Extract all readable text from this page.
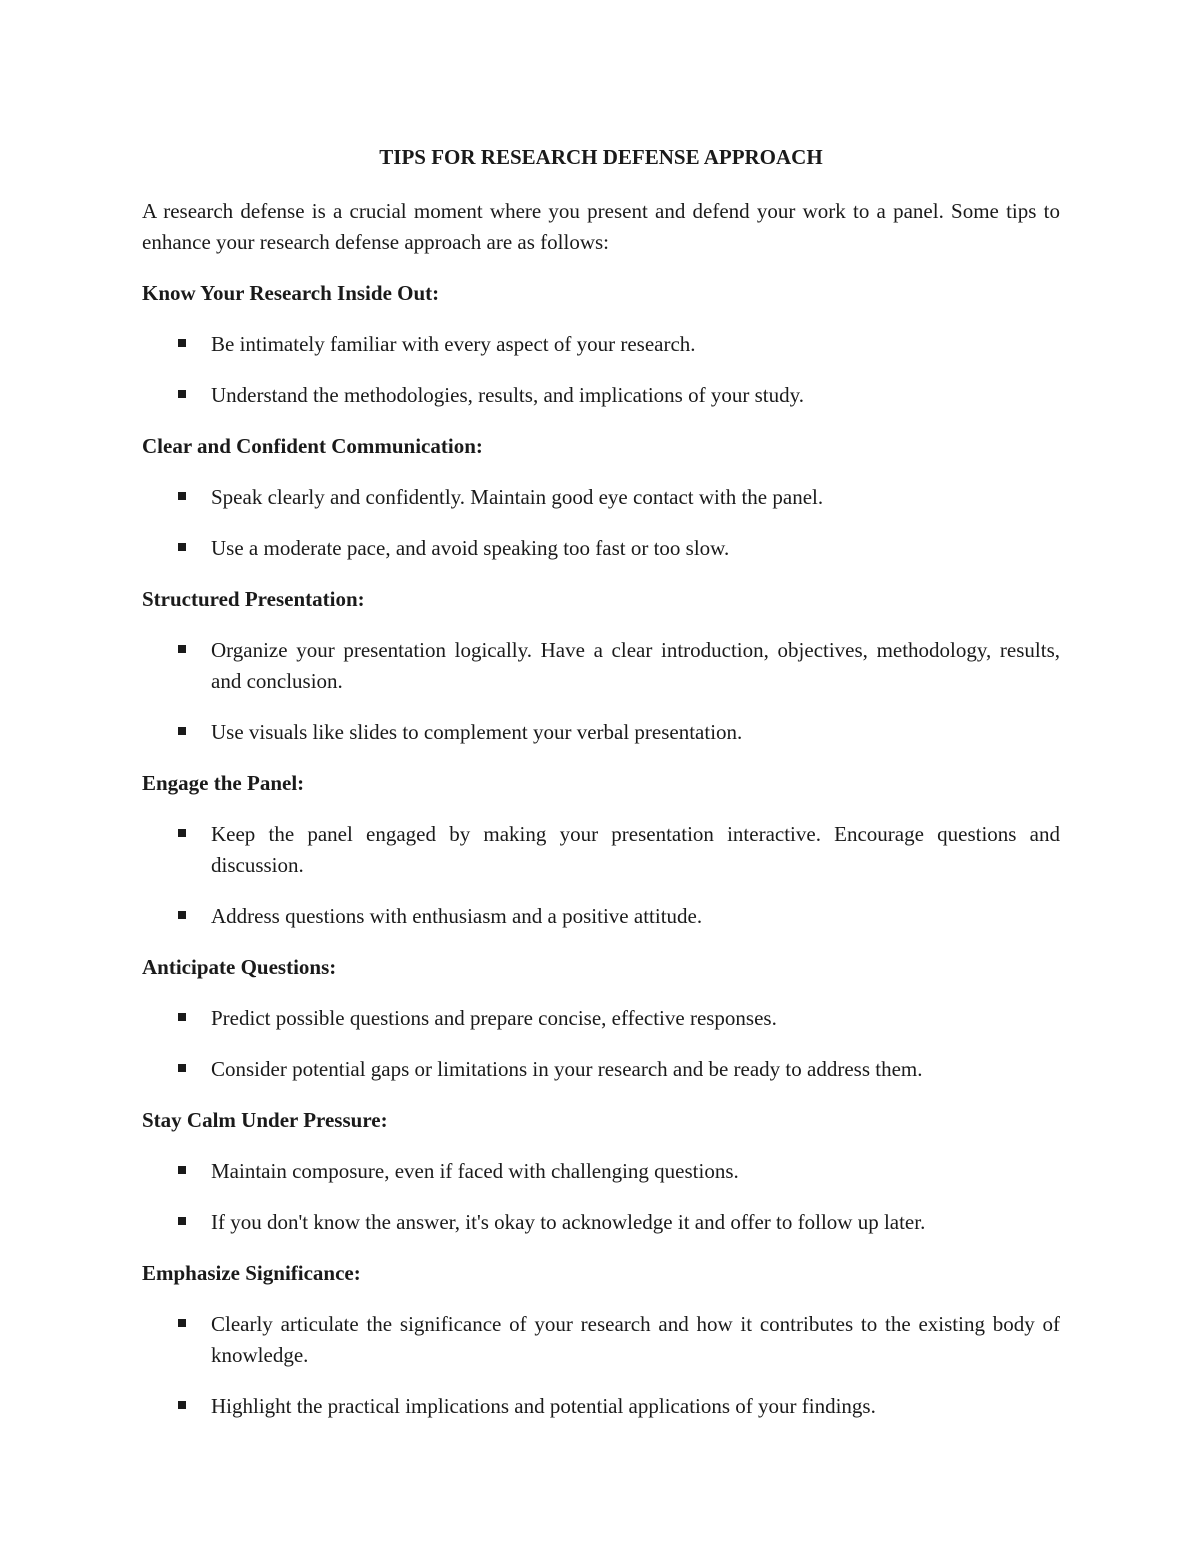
TIPS FOR RESEARCH DEFENSE APPROACH

A research defense is a crucial moment where you present and defend your work to a panel. Some tips to enhance your research defense approach are as follows:

Know Your Research Inside Out:
Be intimately familiar with every aspect of your research.
Understand the methodologies, results, and implications of your study.
Clear and Confident Communication:
Speak clearly and confidently. Maintain good eye contact with the panel.
Use a moderate pace, and avoid speaking too fast or too slow.
Structured Presentation:
Organize your presentation logically. Have a clear introduction, objectives, methodology, results, and conclusion.
Use visuals like slides to complement your verbal presentation.
Engage the Panel:
Keep the panel engaged by making your presentation interactive. Encourage questions and discussion.
Address questions with enthusiasm and a positive attitude.
Anticipate Questions:
Predict possible questions and prepare concise, effective responses.
Consider potential gaps or limitations in your research and be ready to address them.
Stay Calm Under Pressure:
Maintain composure, even if faced with challenging questions.
If you don't know the answer, it's okay to acknowledge it and offer to follow up later.
Emphasize Significance:
Clearly articulate the significance of your research and how it contributes to the existing body of knowledge.
Highlight the practical implications and potential applications of your findings.
